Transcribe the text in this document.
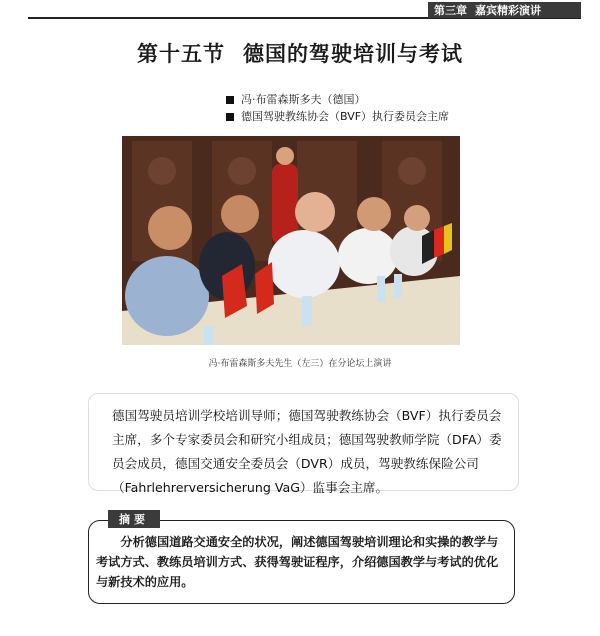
第三章 嘉宾精彩演讲
第十五节 德国的驾驶培训与考试
冯·布雷森斯多夫（德国）
德国驾驶教练协会（BVF）执行委员会主席
冯·布雷森斯多夫先生（左三）在分论坛上演讲
德国驾驶员培训学校培训导师；德国驾驶教练协会（BVF）执行委员会主席，多个专家委员会和研究小组成员；德国驾驶教师学院（DFA）委员会成员，德国交通安全委员会（DVR）成员，驾驶教练保险公司（Fahrlehrerversicherung VaG）监事会主席。
摘要
分析德国道路交通安全的状况，阐述德国驾驶培训理论和实操的教学与考试方式、教练员培训方式、获得驾驶证程序，介绍德国教学与考试的优化与新技术的应用。
